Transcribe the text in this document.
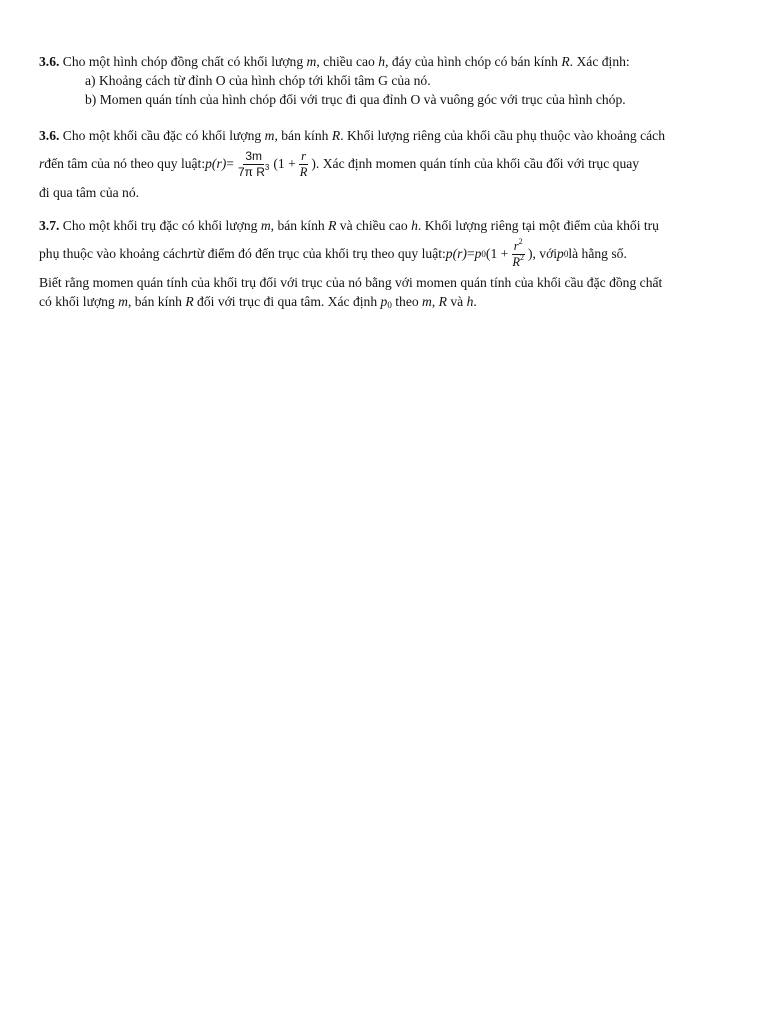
3.6. Cho một hình chóp đồng chất có khối lượng m, chiều cao h, đáy của hình chóp có bán kính R. Xác định:
a) Khoảng cách từ đỉnh O của hình chóp tới khối tâm G của nó.
b) Momen quán tính của hình chóp đối với trục đi qua đỉnh O và vuông góc với trục của hình chóp.
3.6. Cho một khối cầu đặc có khối lượng m, bán kính R. Khối lượng riêng của khối cầu phụ thuộc vào khoảng cách
r đến tâm của nó theo quy luật: $p(r) = \frac{3m}{7\pi R^3} (1 + \frac{r}{R}$ ) . Xác định momen quán tính của khối cầu đối với trục quay
đi qua tâm của nó.
3.7. Cho một khối trụ đặc có khối lượng m, bán kính R và chiều cao h. Khối lượng riêng tại một điểm của khối trụ
phụ thuộc vào khoảng cách r từ điểm đó đến trục của khối trụ theo quy luật: p(r) = p 0 ($1 + \frac{r^2}{R^2}$ ) , với p 0 là hằng số.
Biết rằng momen quán tính của khối trụ đối với trục của nó bằng với momen quán tính của khối cầu đặc đồng chất
có khối lượng m, bán kính R đối với trục đi qua tâm. Xác định $p_0$ theo m, R và h.
